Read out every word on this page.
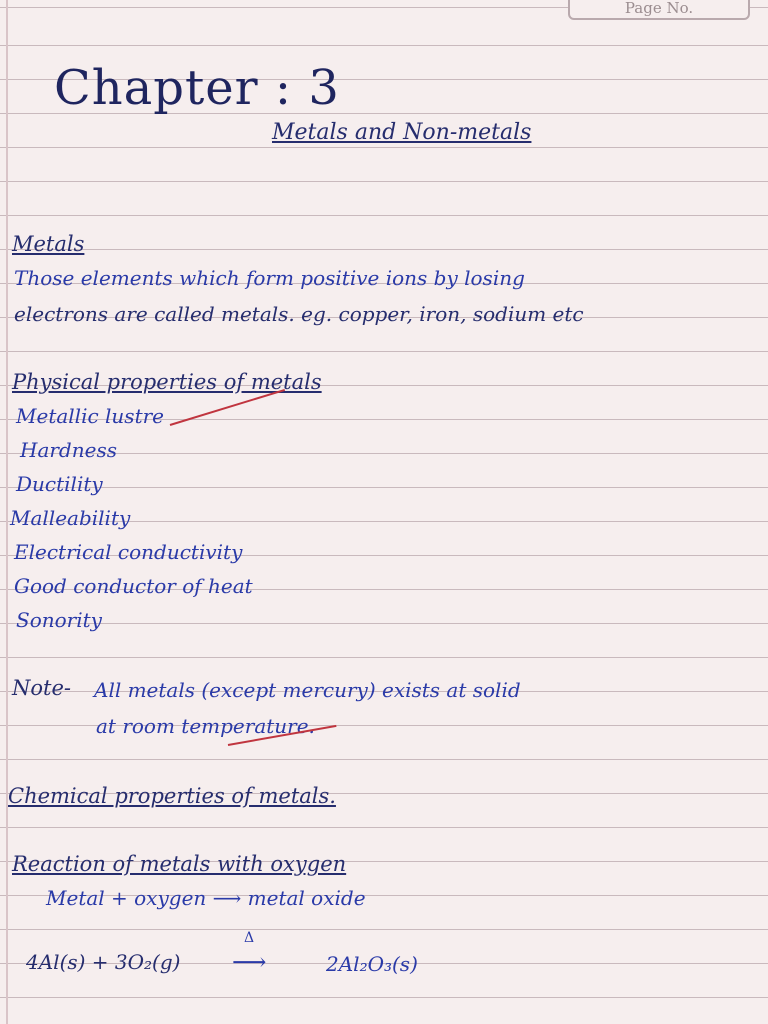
Page No.
Chapter : 3
Metals and Non-metals
Metals
Those elements which form positive ions by losing
electrons are called metals. eg. copper, iron, sodium etc
Physical properties of metals
Metallic lustre
Hardness
Ductility
Malleability
Electrical conductivity
Good conductor of heat
Sonority
Note- All metals (except mercury) exists at solid
at room temperature.
Chemical properties of metals.
Reaction of metals with oxygen
Metal + oxygen ⟶ metal oxide
4Al(s) + 3O₂(g)
Δ
⟶	2Al₂O₃(s)
